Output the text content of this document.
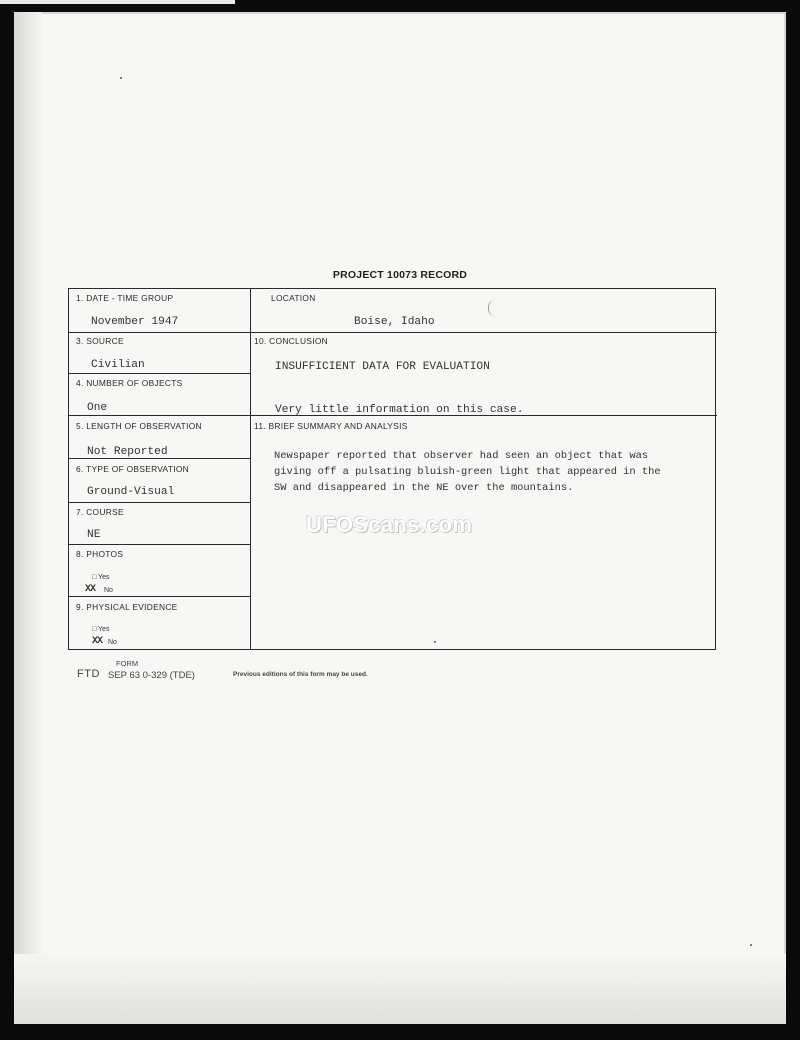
PROJECT 10073 RECORD
1. DATE - TIME GROUP
November 1947
3. SOURCE
Civilian
4. NUMBER OF OBJECTS
One
5. LENGTH OF OBSERVATION
Not Reported
6. TYPE OF OBSERVATION
Ground-Visual
7. COURSE
NE
8. PHOTOS
□ Yes
XX No
9. PHYSICAL EVIDENCE
□ Yes
XX No
LOCATION
Boise, Idaho
10. CONCLUSION
INSUFFICIENT DATA FOR EVALUATION
Very little information on this case.
11. BRIEF SUMMARY AND ANALYSIS
Newspaper reported that observer had seen an object that was
giving off a pulsating bluish-green light that appeared in the
SW and disappeared in the NE over the mountains.
UFOScans.com
FORM
FTD SEP 63 0-329 (TDE)	Previous editions of this form may be used.
